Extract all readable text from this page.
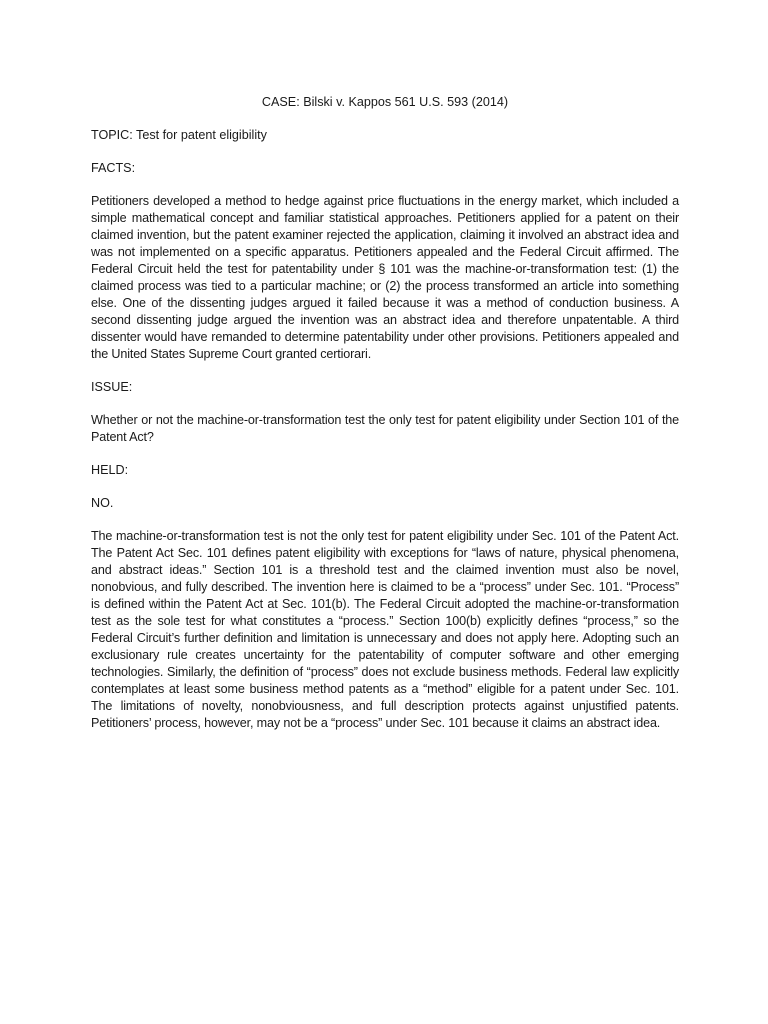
CASE: Bilski v. Kappos 561 U.S. 593 (2014)

TOPIC: Test for patent eligibility

FACTS:

Petitioners developed a method to hedge against price fluctuations in the energy market, which included a simple mathematical concept and familiar statistical approaches. Petitioners applied for a patent on their claimed invention, but the patent examiner rejected the application, claiming it involved an abstract idea and was not implemented on a specific apparatus. Petitioners appealed and the Federal Circuit affirmed. The Federal Circuit held the test for patentability under § 101 was the machine-or-transformation test: (1) the claimed process was tied to a particular machine; or (2) the process transformed an article into something else. One of the dissenting judges argued it failed because it was a method of conduction business. A second dissenting judge argued the invention was an abstract idea and therefore unpatentable. A third dissenter would have remanded to determine patentability under other provisions. Petitioners appealed and the United States Supreme Court granted certiorari.

ISSUE:

Whether or not the machine-or-transformation test the only test for patent eligibility under Section 101 of the Patent Act?

HELD:

NO.

The machine-or-transformation test is not the only test for patent eligibility under Sec. 101 of the Patent Act. The Patent Act Sec. 101 defines patent eligibility with exceptions for “laws of nature, physical phenomena, and abstract ideas.” Section 101 is a threshold test and the claimed invention must also be novel, nonobvious, and fully described. The invention here is claimed to be a “process” under Sec. 101. “Process” is defined within the Patent Act at Sec. 101(b). The Federal Circuit adopted the machine-or-transformation test as the sole test for what constitutes a “process.” Section 100(b) explicitly defines “process,” so the Federal Circuit’s further definition and limitation is unnecessary and does not apply here. Adopting such an exclusionary rule creates uncertainty for the patentability of computer software and other emerging technologies. Similarly, the definition of “process” does not exclude business methods. Federal law explicitly contemplates at least some business method patents as a “method” eligible for a patent under Sec. 101. The limitations of novelty, nonobviousness, and full description protects against unjustified patents. Petitioners’ process, however, may not be a “process” under Sec. 101 because it claims an abstract idea.
